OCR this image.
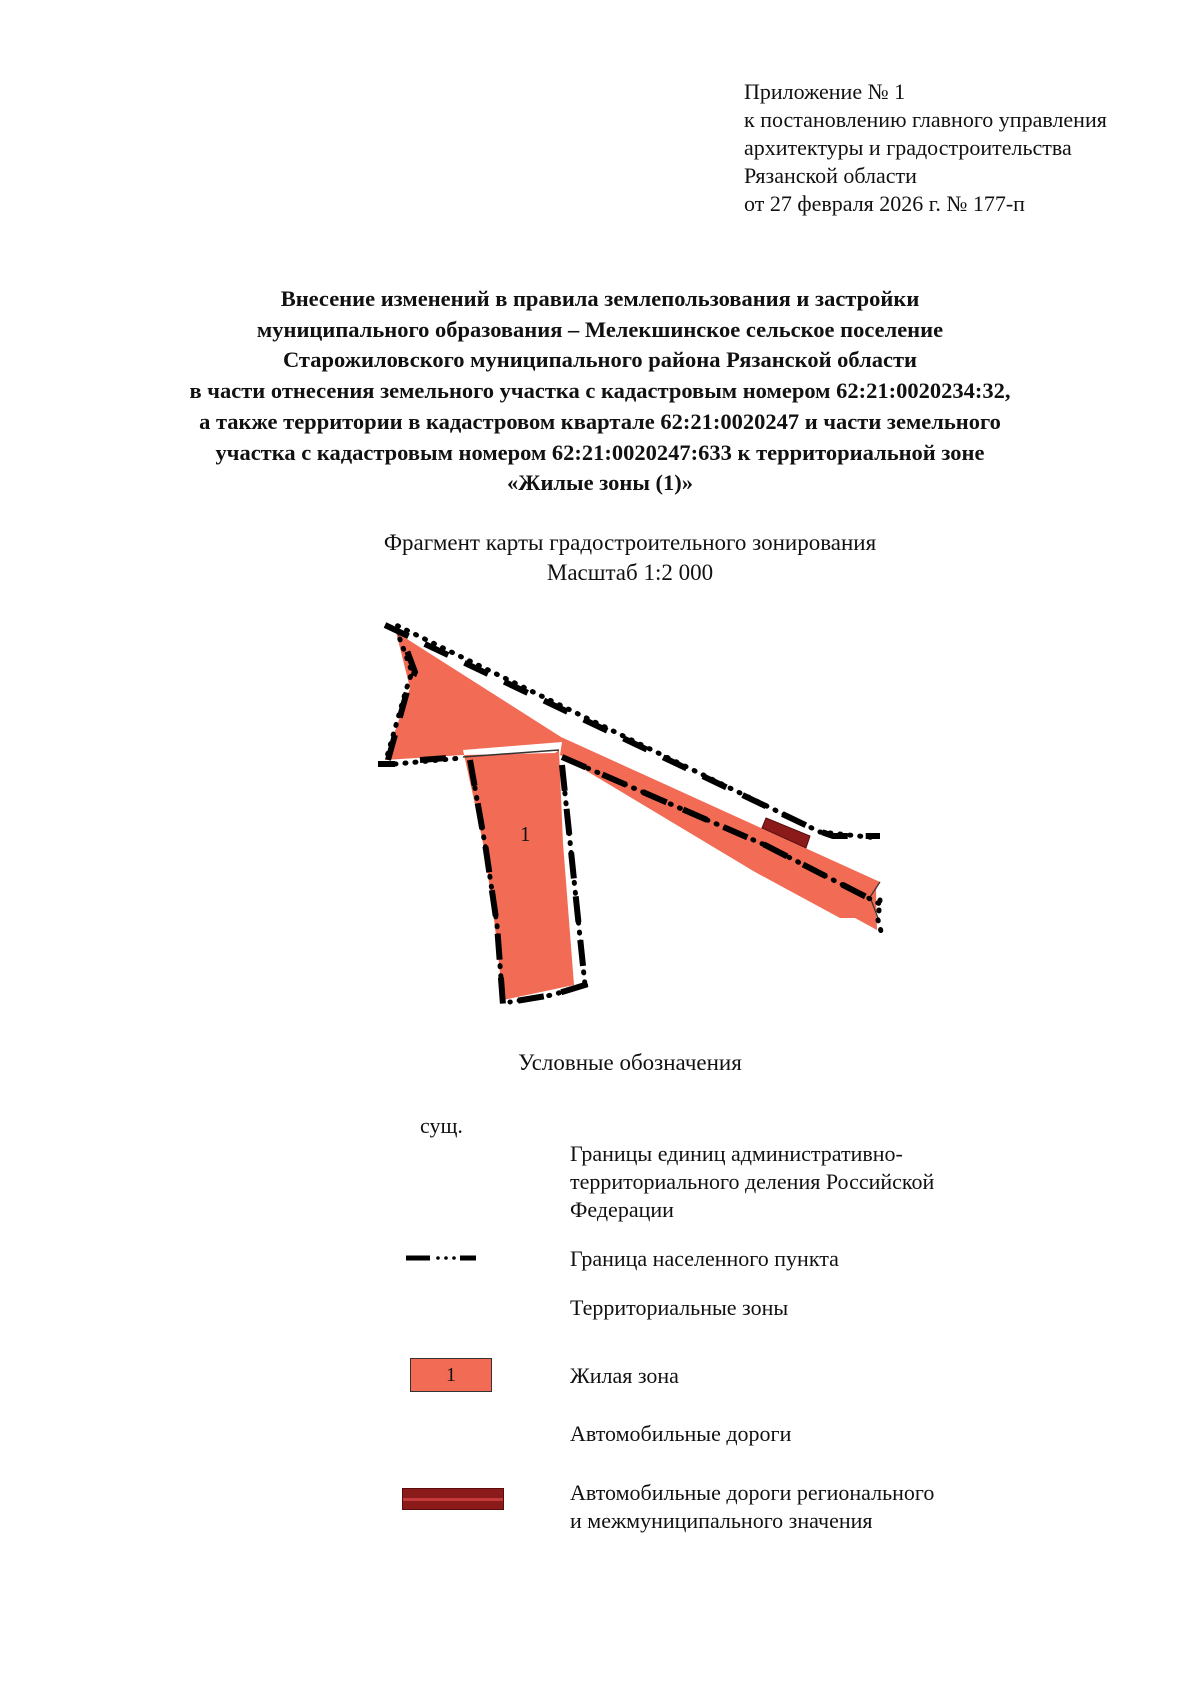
Приложение № 1
к постановлению главного управления
архитектуры и градостроительства
Рязанской области
от 27 февраля 2026 г. № 177-п
Внесение изменений в правила землепользования и застройки
муниципального образования – Мелекшинское сельское поселение
Старожиловского муниципального района Рязанской области
в части отнесения земельного участка с кадастровым номером 62:21:0020234:32,
а также территории в кадастровом квартале 62:21:0020247 и части земельного
участка с кадастровым номером 62:21:0020247:633 к территориальной зоне
«Жилые зоны (1)»
Фрагмент карты градостроительного зонирования
Масштаб 1:2 000
1
Условные обозначения
сущ.
Границы единиц административно-
территориального деления Российской
Федерации
Граница населенного пункта
Территориальные зоны
1	Жилая зона
Автомобильные дороги
Автомобильные дороги регионального
и межмуниципального значения
